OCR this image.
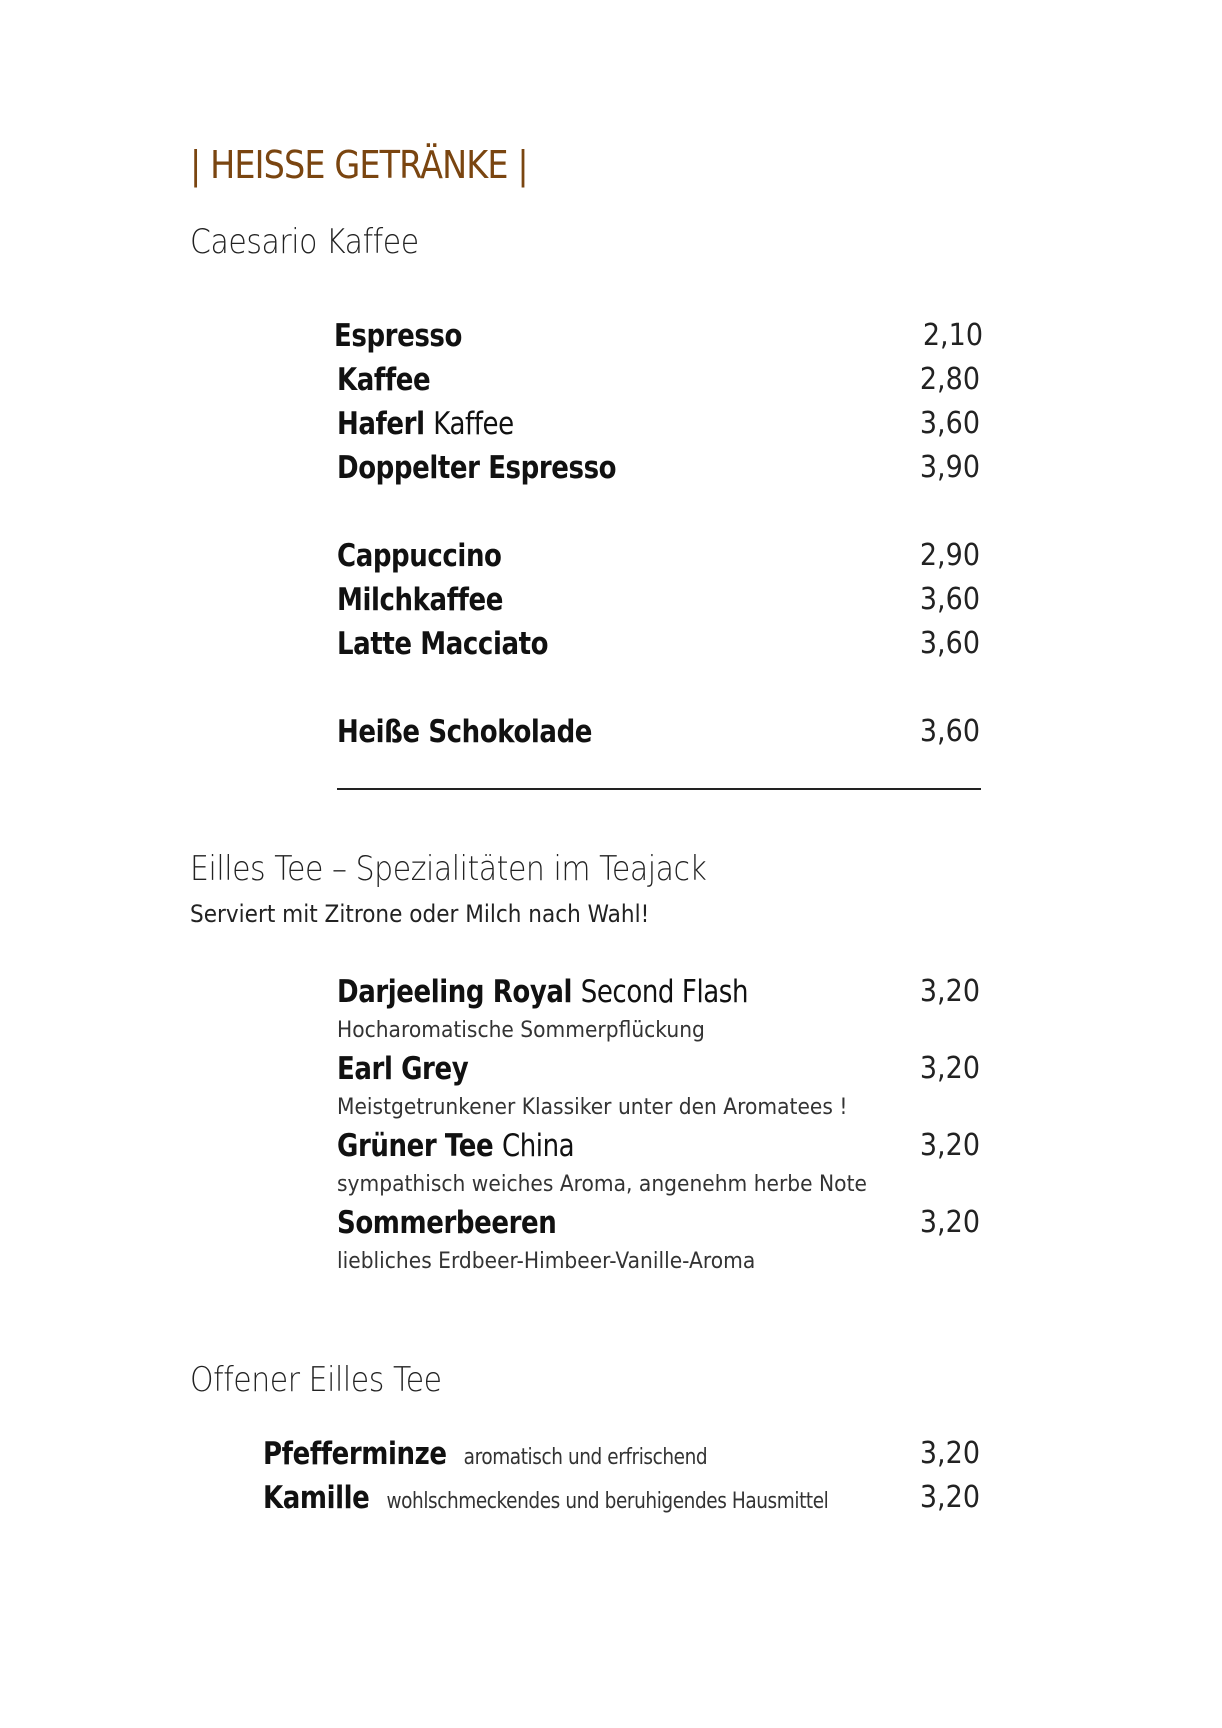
| HEISSE GETRÄNKE |
Caesario Kaffee
Espresso	2,10
Kaffee	2,80
Haferl Kaffee	3,60
Doppelter Espresso	3,90
Cappuccino	2,90
Milchkaffee	3,60
Latte Macciato	3,60
Heiße Schokolade	3,60
Eilles Tee – Spezialitäten im Teajack
Serviert mit Zitrone oder Milch nach Wahl!
Darjeeling Royal Second Flash	3,20
Hocharomatische Sommerpflückung
Earl Grey	3,20
Meistgetrunkener Klassiker unter den Aromatees !
Grüner Tee China	3,20
sympathisch weiches Aroma, angenehm herbe Note
Sommerbeeren	3,20
liebliches Erdbeer-Himbeer-Vanille-Aroma
Offener Eilles Tee
Pfefferminze aromatisch und erfrischend	3,20
Kamille wohlschmeckendes und beruhigendes Hausmittel	3,20
